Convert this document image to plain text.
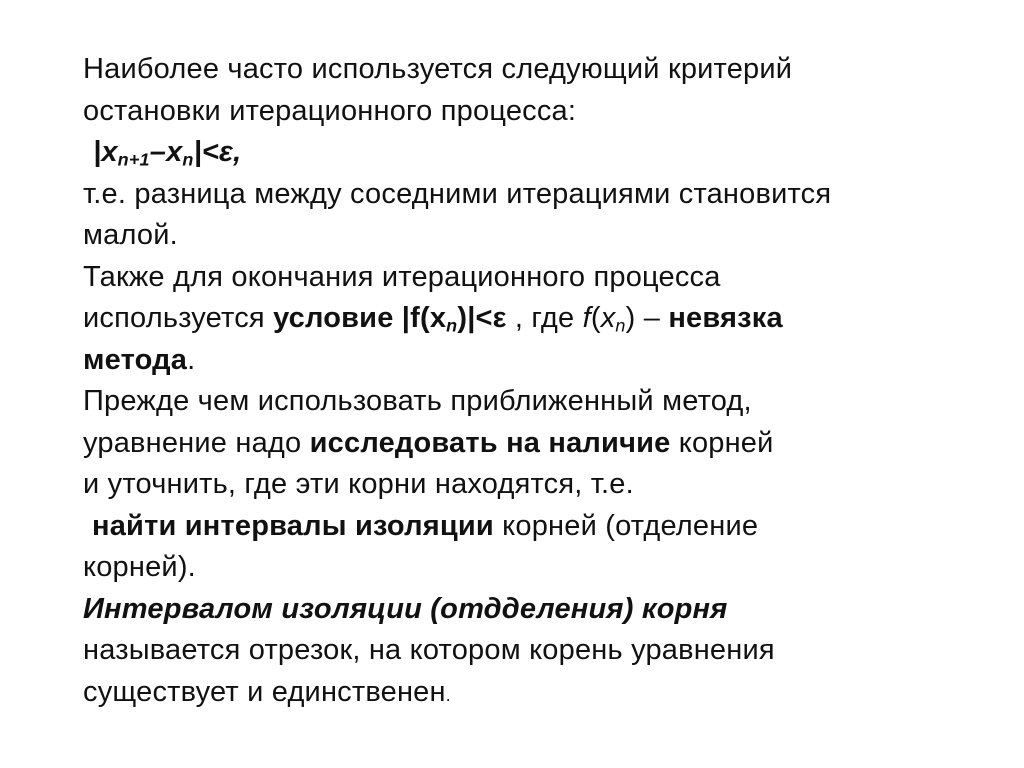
Наиболее часто используется следующий критерий
остановки итерационного процесса:
$|x_{n+1}-x_n|<\varepsilon$,
т.е. разница между соседними итерациями становится
малой.
Также для окончания итерационного процесса
используется условие $|f(x_n)|<\varepsilon$ , где $f(x_n)$ – невязка
метода.
Прежде чем использовать приближенный метод,
уравнение надо исследовать на наличие корней
и уточнить, где эти корни находятся, т.е.
найти интервалы изоляции корней (отделение
корней).
Интервалом изоляции (отдделения) корня
называется отрезок, на котором корень уравнения
существует и единственен.
